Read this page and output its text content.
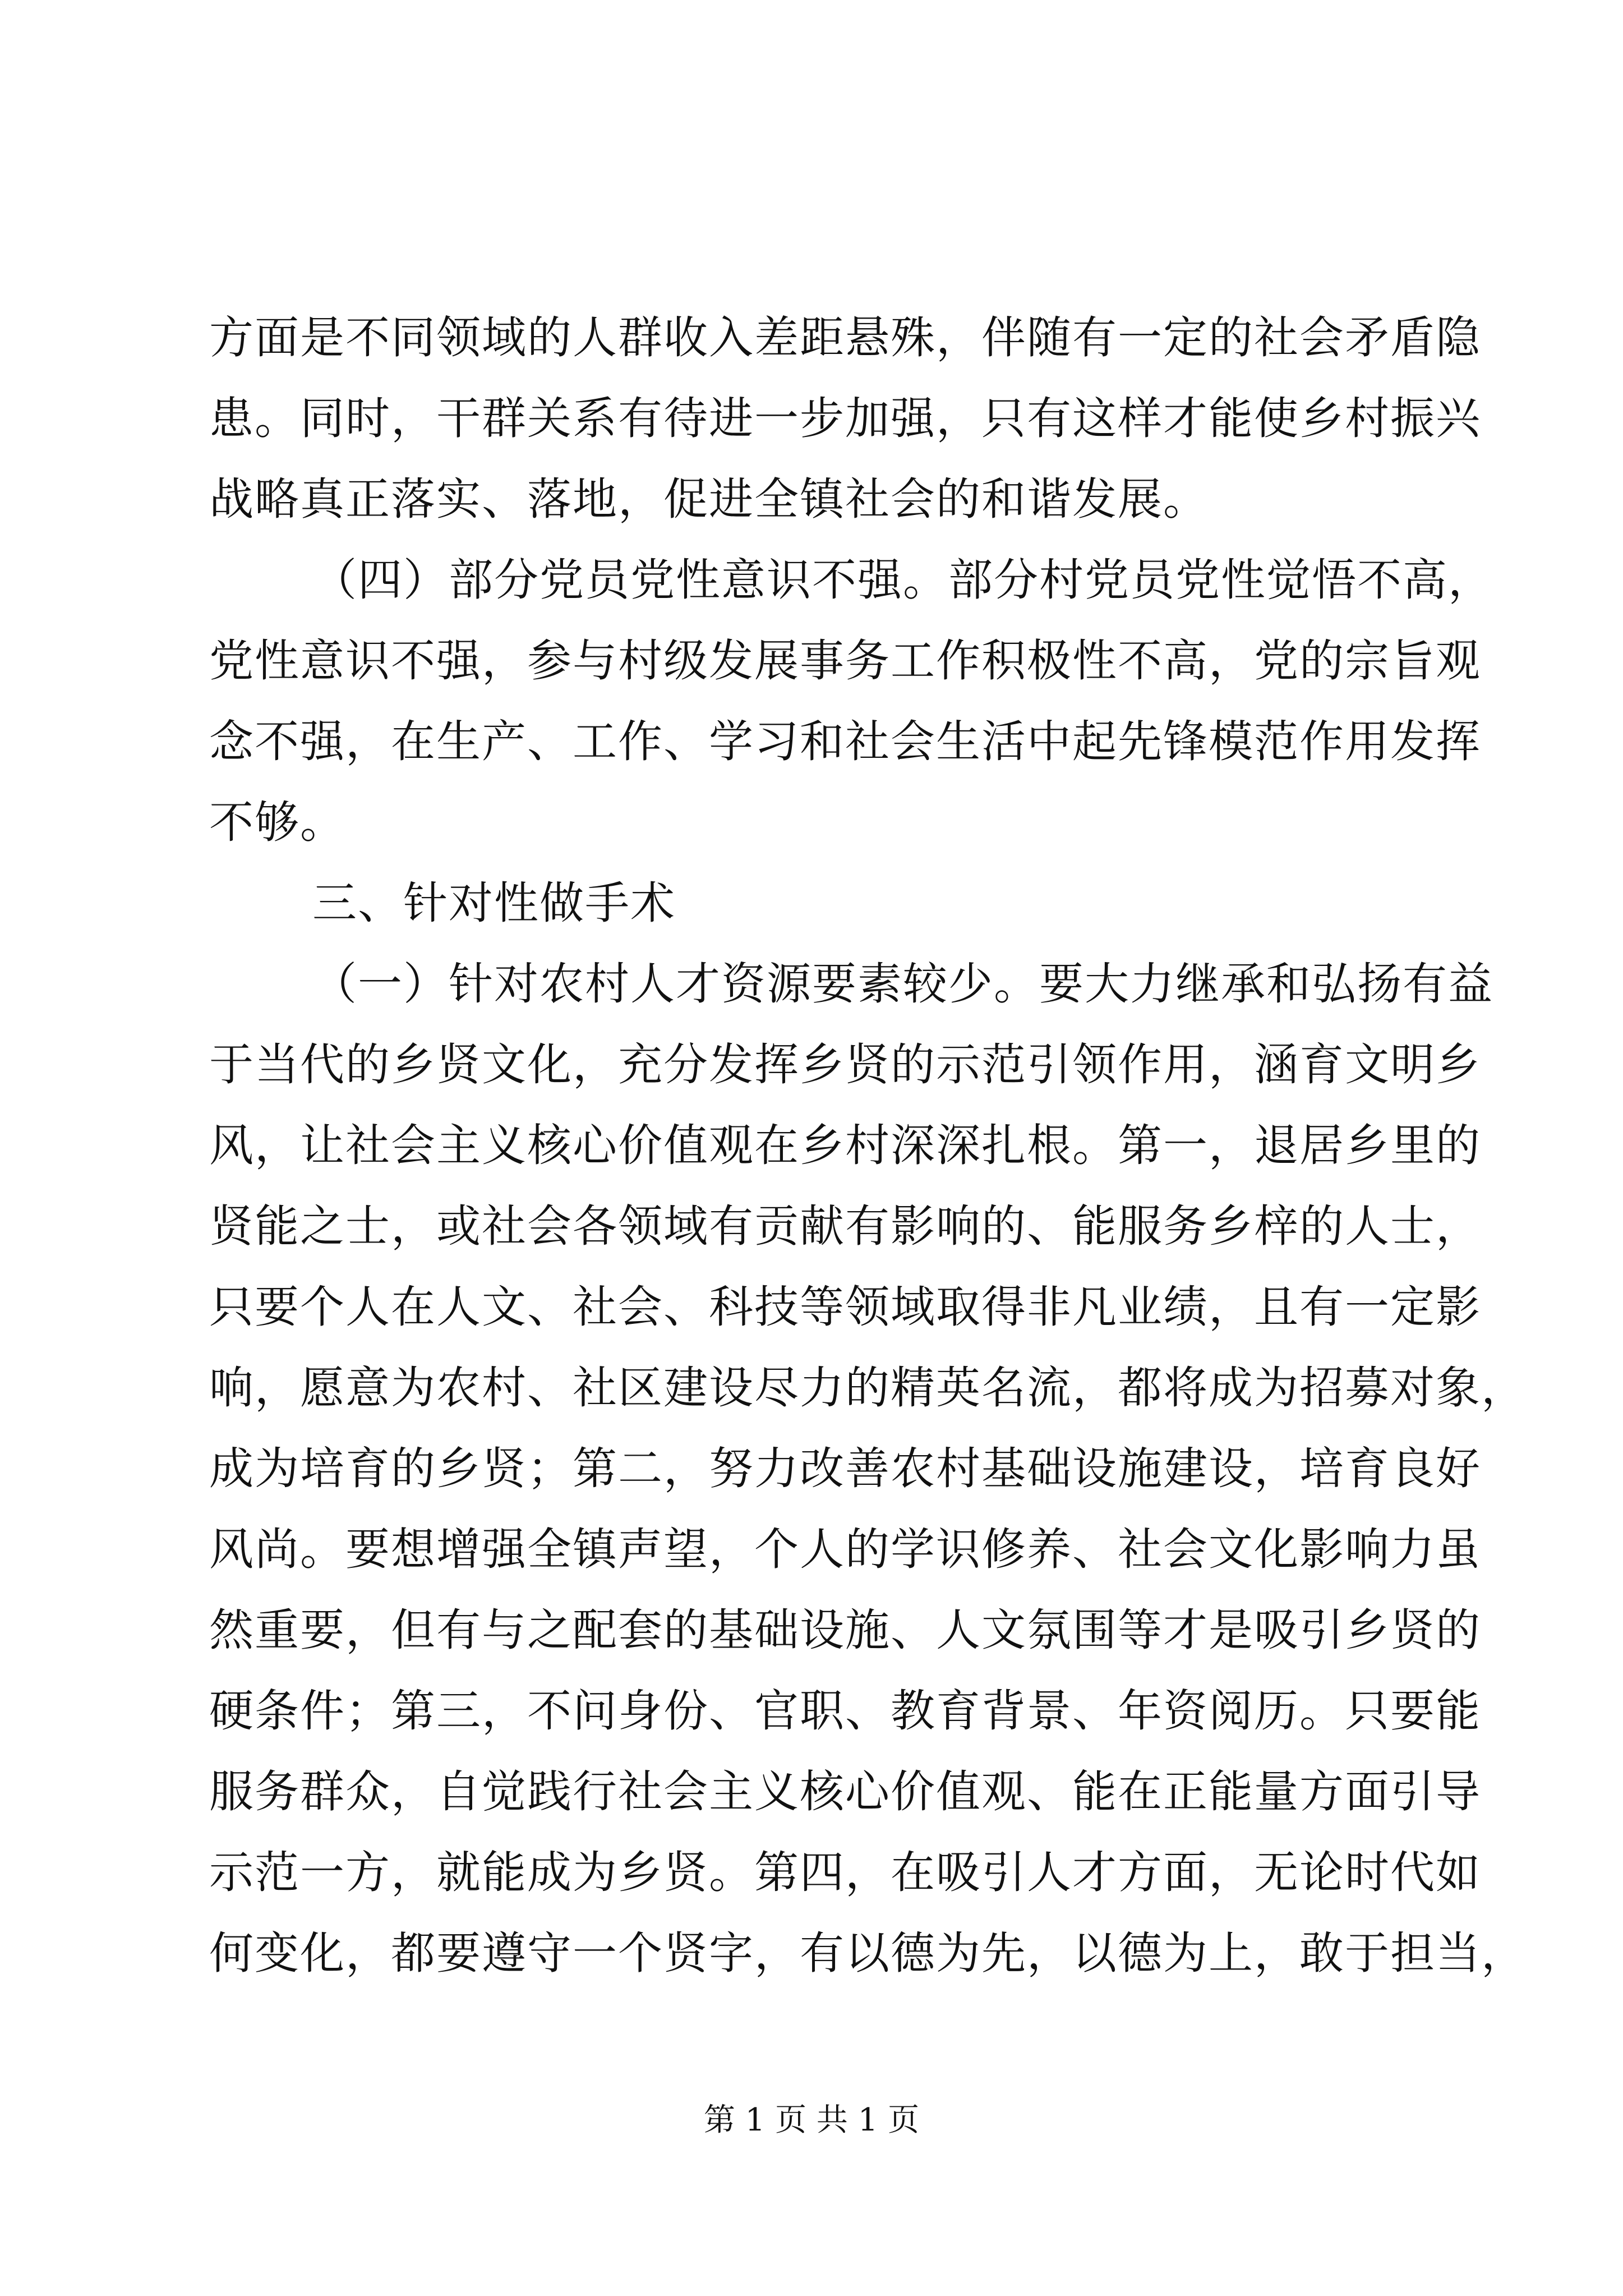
方面是不同领域的人群收入差距悬殊，伴随有一定的社会矛盾隐
患。同时，干群关系有待进一步加强，只有这样才能使乡村振兴
战略真正落实、落地，促进全镇社会的和谐发展。
（四）部分党员党性意识不强。部分村党员党性觉悟不高，
党性意识不强，参与村级发展事务工作积极性不高，党的宗旨观
念不强，在生产、工作、学习和社会生活中起先锋模范作用发挥
不够。
三、针对性做手术
（一）针对农村人才资源要素较少。要大力继承和弘扬有益
于当代的乡贤文化，充分发挥乡贤的示范引领作用，涵育文明乡
风，让社会主义核心价值观在乡村深深扎根。第一，退居乡里的
贤能之士，或社会各领域有贡献有影响的、能服务乡梓的人士，
只要个人在人文、社会、科技等领域取得非凡业绩，且有一定影
响，愿意为农村、社区建设尽力的精英名流，都将成为招募对象，
成为培育的乡贤；第二，努力改善农村基础设施建设，培育良好
风尚。要想增强全镇声望，个人的学识修养、社会文化影响力虽
然重要，但有与之配套的基础设施、人文氛围等才是吸引乡贤的
硬条件；第三，不问身份、官职、教育背景、年资阅历。只要能
服务群众，自觉践行社会主义核心价值观、能在正能量方面引导
示范一方，就能成为乡贤。第四，在吸引人才方面，无论时代如
何变化，都要遵守一个贤字，有以德为先，以德为上，敢于担当，
第 1 页 共 1 页
